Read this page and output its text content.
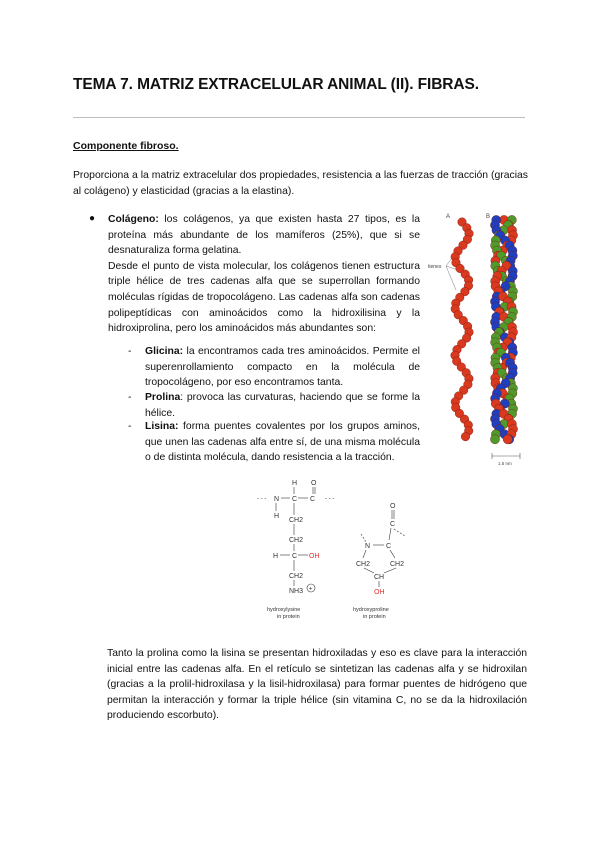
TEMA 7. MATRIZ EXTRACELULAR ANIMAL (II). FIBRAS.
Componente fibroso.

Proporciona a la matriz extracelular dos propiedades, resistencia a las fuerzas de tracción (gracias al colágeno) y elasticidad (gracias a la elastina).

● Colágeno: los colágenos, ya que existen hasta 27 tipos, es la proteína más abundante de los mamíferos (25%), que si se desnaturaliza forma gelatina.

Desde el punto de vista molecular, los colágenos tienen estructura triple hélice de tres cadenas alfa que se superrollan formando moléculas rígidas de tropocolágeno. Las cadenas alfa son cadenas polipeptídicas con aminoácidos como la hidroxilisina y la hidroxiprolina, pero los aminoácidos más abundantes son:

- Glicina: la encontramos cada tres aminoácidos. Permite el superenrollamiento compacto en la molécula de tropocolágeno, por eso encontramos tanta.

- Prolina: provoca las curvaturas, haciendo que se forme la hélice.

- Lisina: forma puentes covalentes por los grupos aminos, que unen las cadenas alfa entre sí, de una misma molécula o de distinta molécula, dando resistencia a la tracción.

A	B
tienes
1.5 nm
H O
- - - N C C - - -
H
CH2
CH2
H C OH
CH2
NH3 +
hydroxylysine
in protein
O
C
N C
CH2	CH2
CH
OH
hydroxyproline
in protein

Tanto la prolina como la lisina se presentan hidroxiladas y eso es clave para la interacción inicial entre las cadenas alfa. En el retículo se sintetizan las cadenas alfa y se hidroxilan (gracias a la prolil-hidroxilasa y la lisil-hidroxilasa) para formar puentes de hidrógeno que permitan la interacción y formar la triple hélice (sin vitamina C, no se da la hidroxilación produciendo escorbuto).
